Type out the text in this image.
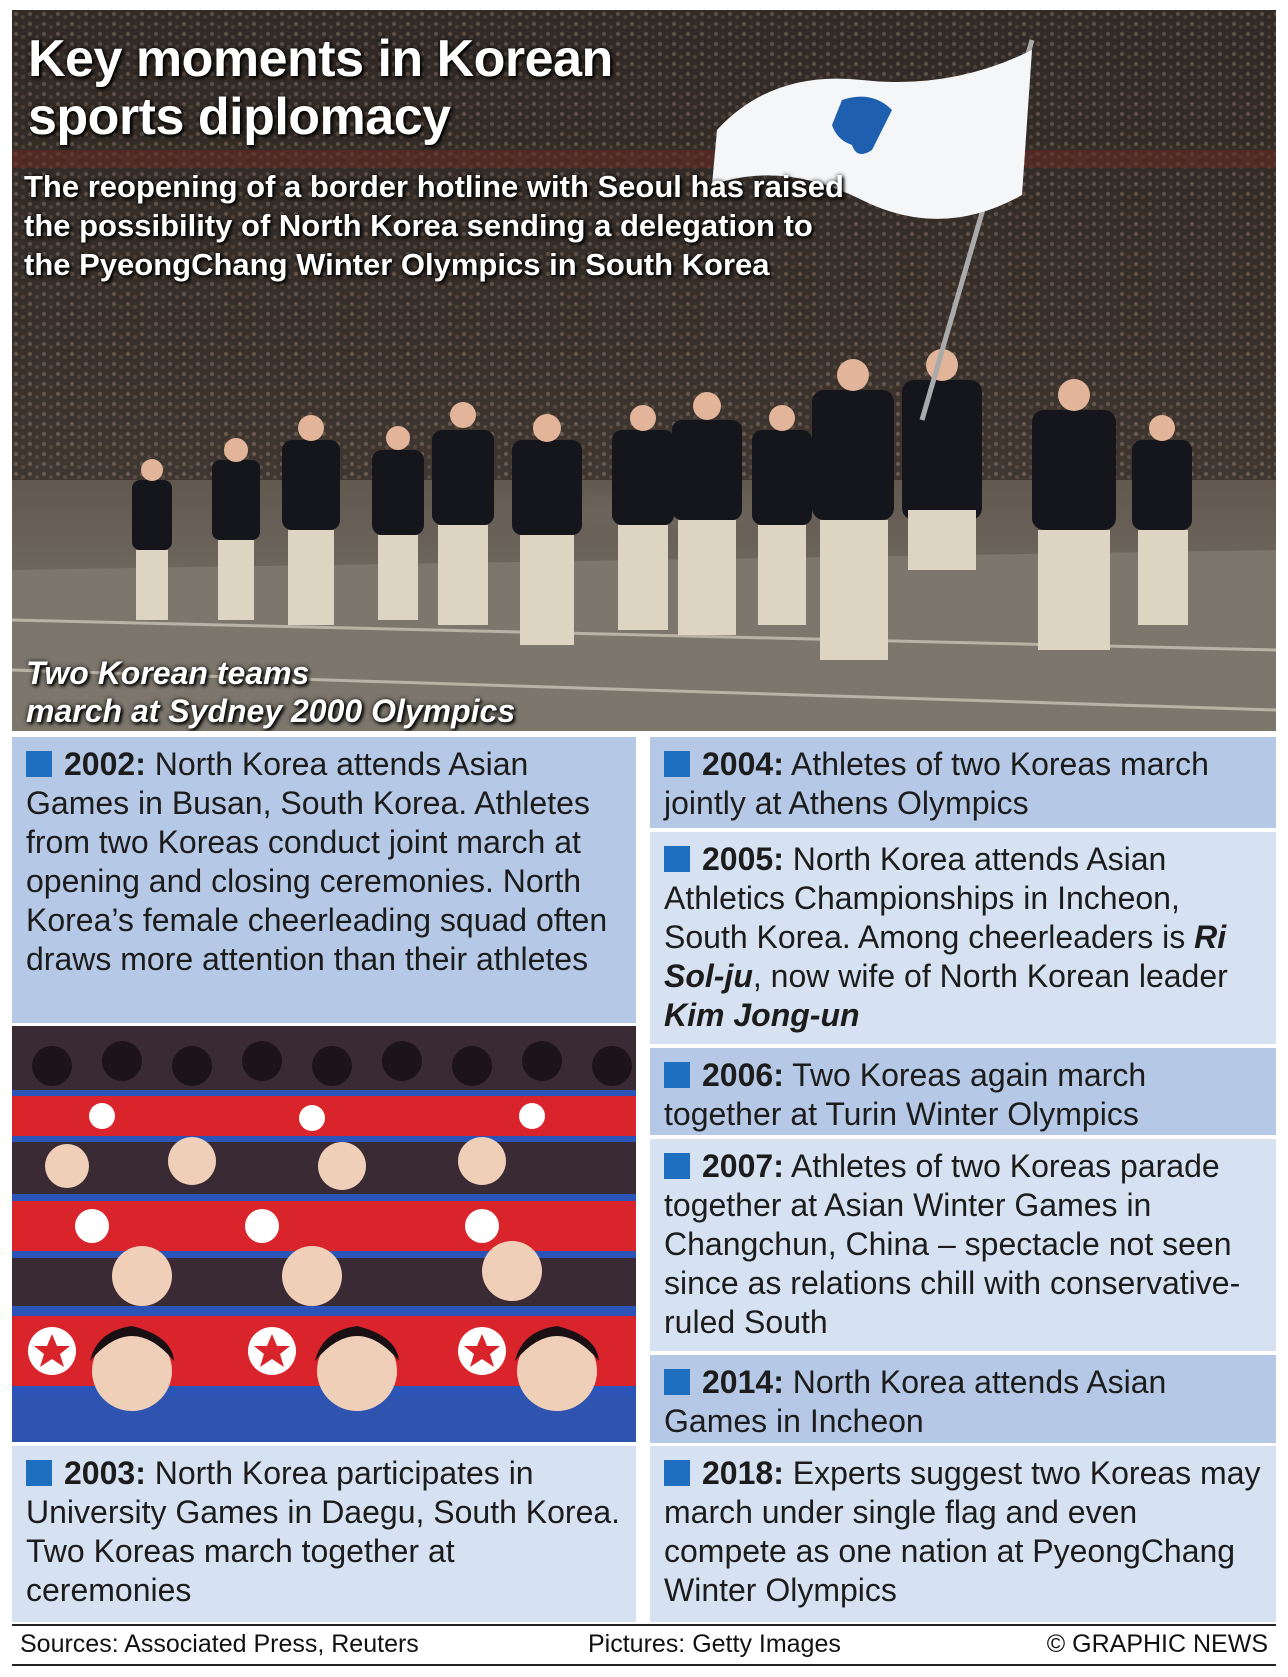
Key moments in Korean sports diplomacy

The reopening of a border hotline with Seoul has raised the possibility of North Korea sending a delegation to the PyeongChang Winter Olympics in South Korea

Two Korean teams
march at Sydney 2000 Olympics

2002: North Korea attends Asian Games in Busan, South Korea. Athletes from two Koreas conduct joint march at opening and closing ceremonies. North Korea’s female cheerleading squad often draws more attention than their athletes
2003: North Korea participates in University Games in Daegu, South Korea. Two Koreas march together at ceremonies
2004: Athletes of two Koreas march jointly at Athens Olympics
2005: North Korea attends Asian Athletics Championships in Incheon, South Korea. Among cheerleaders is Ri Sol-ju, now wife of North Korean leader Kim Jong-un
2006: Two Koreas again march together at Turin Winter Olympics
2007: Athletes of two Koreas parade together at Asian Winter Games in Changchun, China – spectacle not seen since as relations chill with conservative-ruled South
2014: North Korea attends Asian Games in Incheon
2018: Experts suggest two Koreas may march under single flag and even compete as one nation at PyeongChang Winter Olympics
Sources: Associated Press, Reuters	Pictures: Getty Images	© GRAPHIC NEWS
